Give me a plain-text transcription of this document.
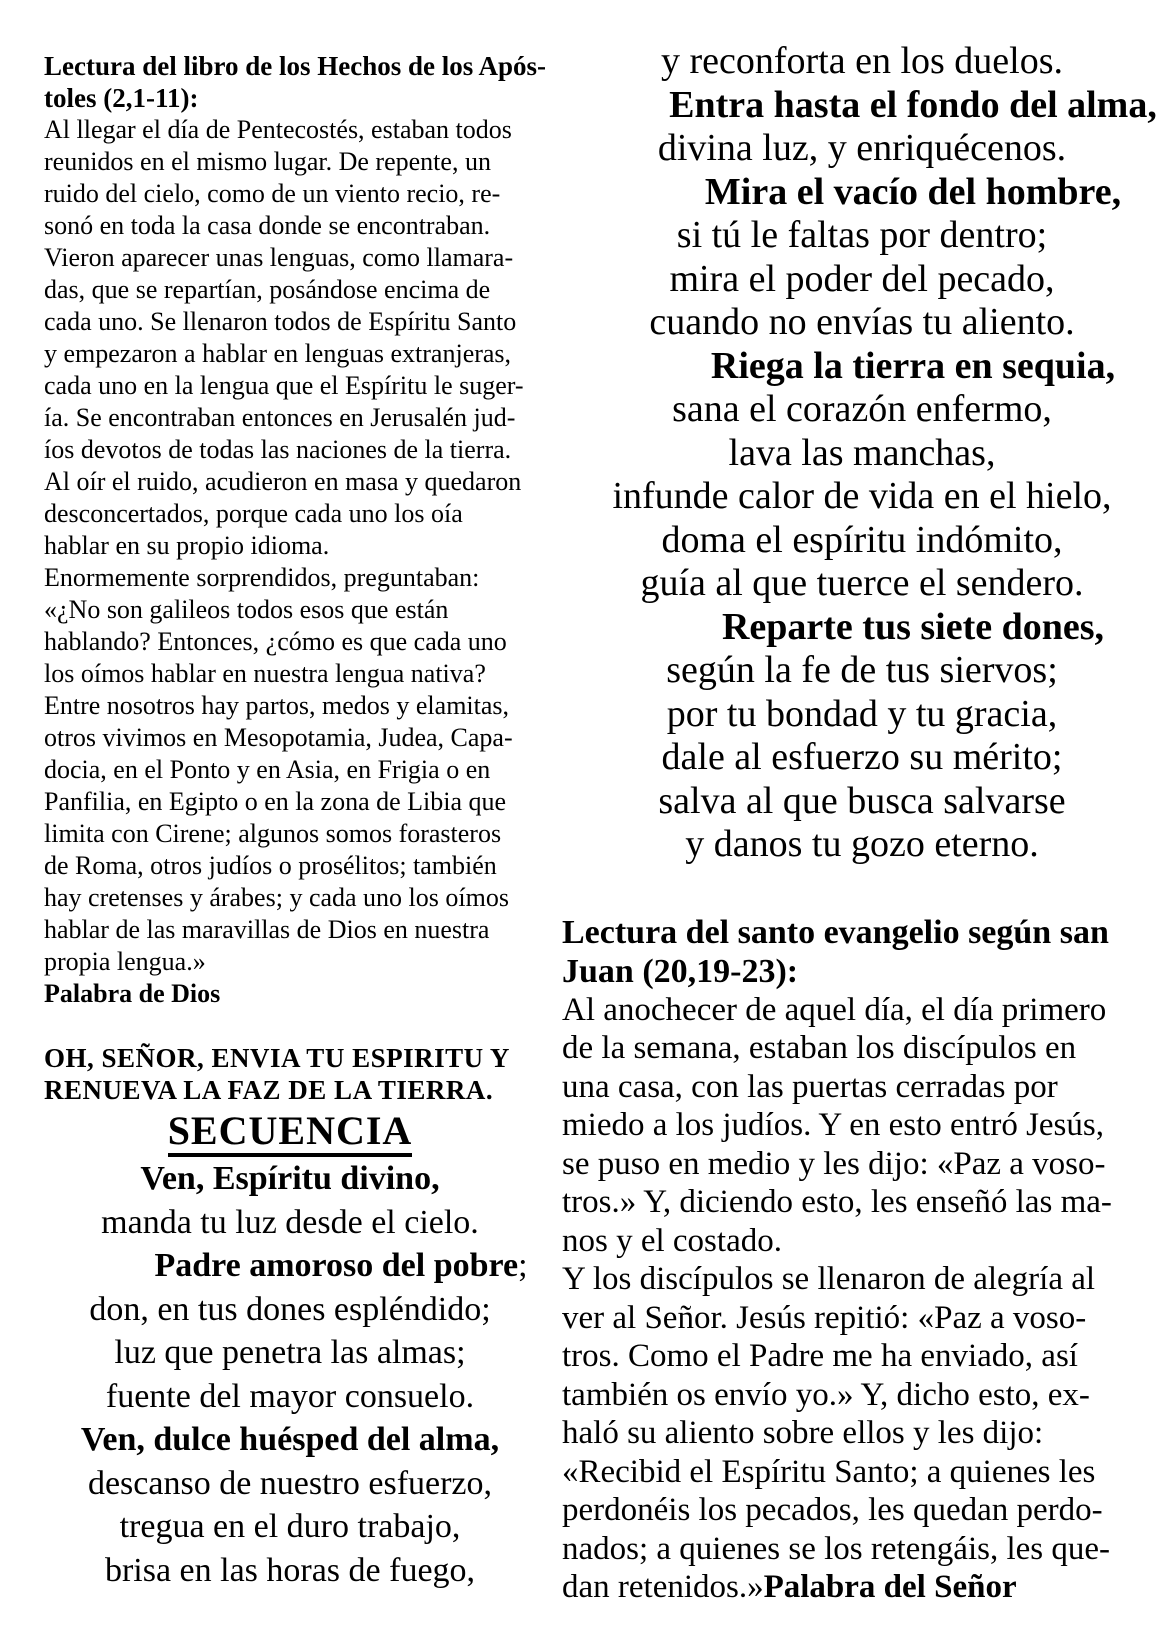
Lectura del libro de los Hechos de los Após-
toles (2,1-11):
Al llegar el día de Pentecostés, estaban todos
reunidos en el mismo lugar. De repente, un
ruido del cielo, como de un viento recio, re-
sonó en toda la casa donde se encontraban.
Vieron aparecer unas lenguas, como llamara-
das, que se repartían, posándose encima de
cada uno. Se llenaron todos de Espíritu Santo
y empezaron a hablar en lenguas extranjeras,
cada uno en la lengua que el Espíritu le suger-
ía. Se encontraban entonces en Jerusalén jud-
íos devotos de todas las naciones de la tierra.
Al oír el ruido, acudieron en masa y quedaron
desconcertados, porque cada uno los oía
hablar en su propio idioma.
Enormemente sorprendidos, preguntaban:
«¿No son galileos todos esos que están
hablando? Entonces, ¿cómo es que cada uno
los oímos hablar en nuestra lengua nativa?
Entre nosotros hay partos, medos y elamitas,
otros vivimos en Mesopotamia, Judea, Capa-
docia, en el Ponto y en Asia, en Frigia o en
Panfilia, en Egipto o en la zona de Libia que
limita con Cirene; algunos somos forasteros
de Roma, otros judíos o prosélitos; también
hay cretenses y árabes; y cada uno los oímos
hablar de las maravillas de Dios en nuestra
propia lengua.»
Palabra de Dios
OH, SEÑOR, ENVIA TU ESPIRITU Y
RENUEVA LA FAZ DE LA TIERRA.
SECUENCIA
Ven, Espíritu divino,
manda tu luz desde el cielo.
Padre amoroso del pobre;
don, en tus dones espléndido;
luz que penetra las almas;
fuente del mayor consuelo.
Ven, dulce huésped del alma,
descanso de nuestro esfuerzo,
tregua en el duro trabajo,
brisa en las horas de fuego,
y reconforta en los duelos.
Entra hasta el fondo del alma,
divina luz, y enriquécenos.
Mira el vacío del hombre,
si tú le faltas por dentro;
mira el poder del pecado,
cuando no envías tu aliento.
Riega la tierra en sequia,
sana el corazón enfermo,
lava las manchas,
infunde calor de vida en el hielo,
doma el espíritu indómito,
guía al que tuerce el sendero.
Reparte tus siete dones,
según la fe de tus siervos;
por tu bondad y tu gracia,
dale al esfuerzo su mérito;
salva al que busca salvarse
y danos tu gozo eterno.
Lectura del santo evangelio según san
Juan (20,19-23):
Al anochecer de aquel día, el día primero
de la semana, estaban los discípulos en
una casa, con las puertas cerradas por
miedo a los judíos. Y en esto entró Jesús,
se puso en medio y les dijo: «Paz a voso-
tros.» Y, diciendo esto, les enseñó las ma-
nos y el costado.
Y los discípulos se llenaron de alegría al
ver al Señor. Jesús repitió: «Paz a voso-
tros. Como el Padre me ha enviado, así
también os envío yo.» Y, dicho esto, ex-
haló su aliento sobre ellos y les dijo:
«Recibid el Espíritu Santo; a quienes les
perdonéis los pecados, les quedan perdo-
nados; a quienes se los retengáis, les que-
dan retenidos.»Palabra del Señor
